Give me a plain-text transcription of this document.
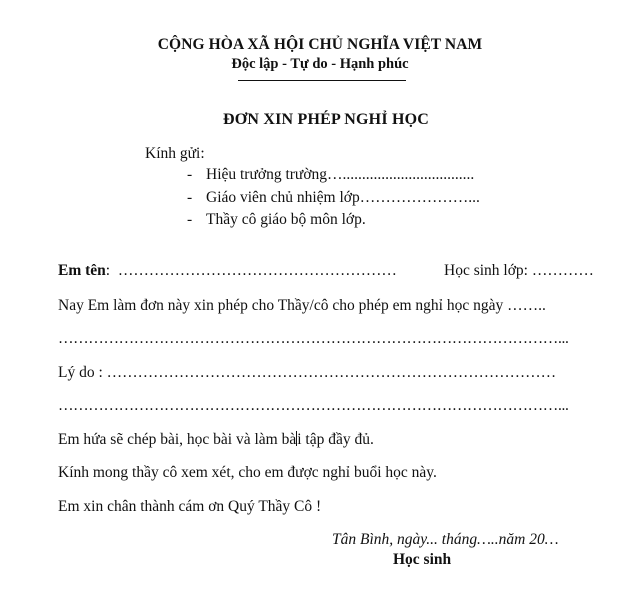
CỘNG HÒA XÃ HỘI CHỦ NGHĨA VIỆT NAM
Độc lập - Tự do - Hạnh phúc
ĐƠN XIN PHÉP NGHỈ HỌC
Kính gửi:
- Hiệu trưởng trường…..................................
- Giáo viên chủ nhiệm lớp…………………...
- Thầy cô giáo bộ môn lớp.
Em tên: ………………………………………………	Học sinh lớp: …………
Nay Em làm đơn này xin phép cho Thầy/cô cho phép em nghỉ học ngày ……..
………………………………………………………………………………………...
Lý do : ……………………………………………………………………………
………………………………………………………………………………………...
Em hứa sẽ chép bài, học bài và làm bài tập đầy đủ.
Kính mong thầy cô xem xét, cho em được nghỉ buổi học này.
Em xin chân thành cám ơn Quý Thầy Cô !
Tân Bình, ngày... tháng…..năm 20…
Học sinh
